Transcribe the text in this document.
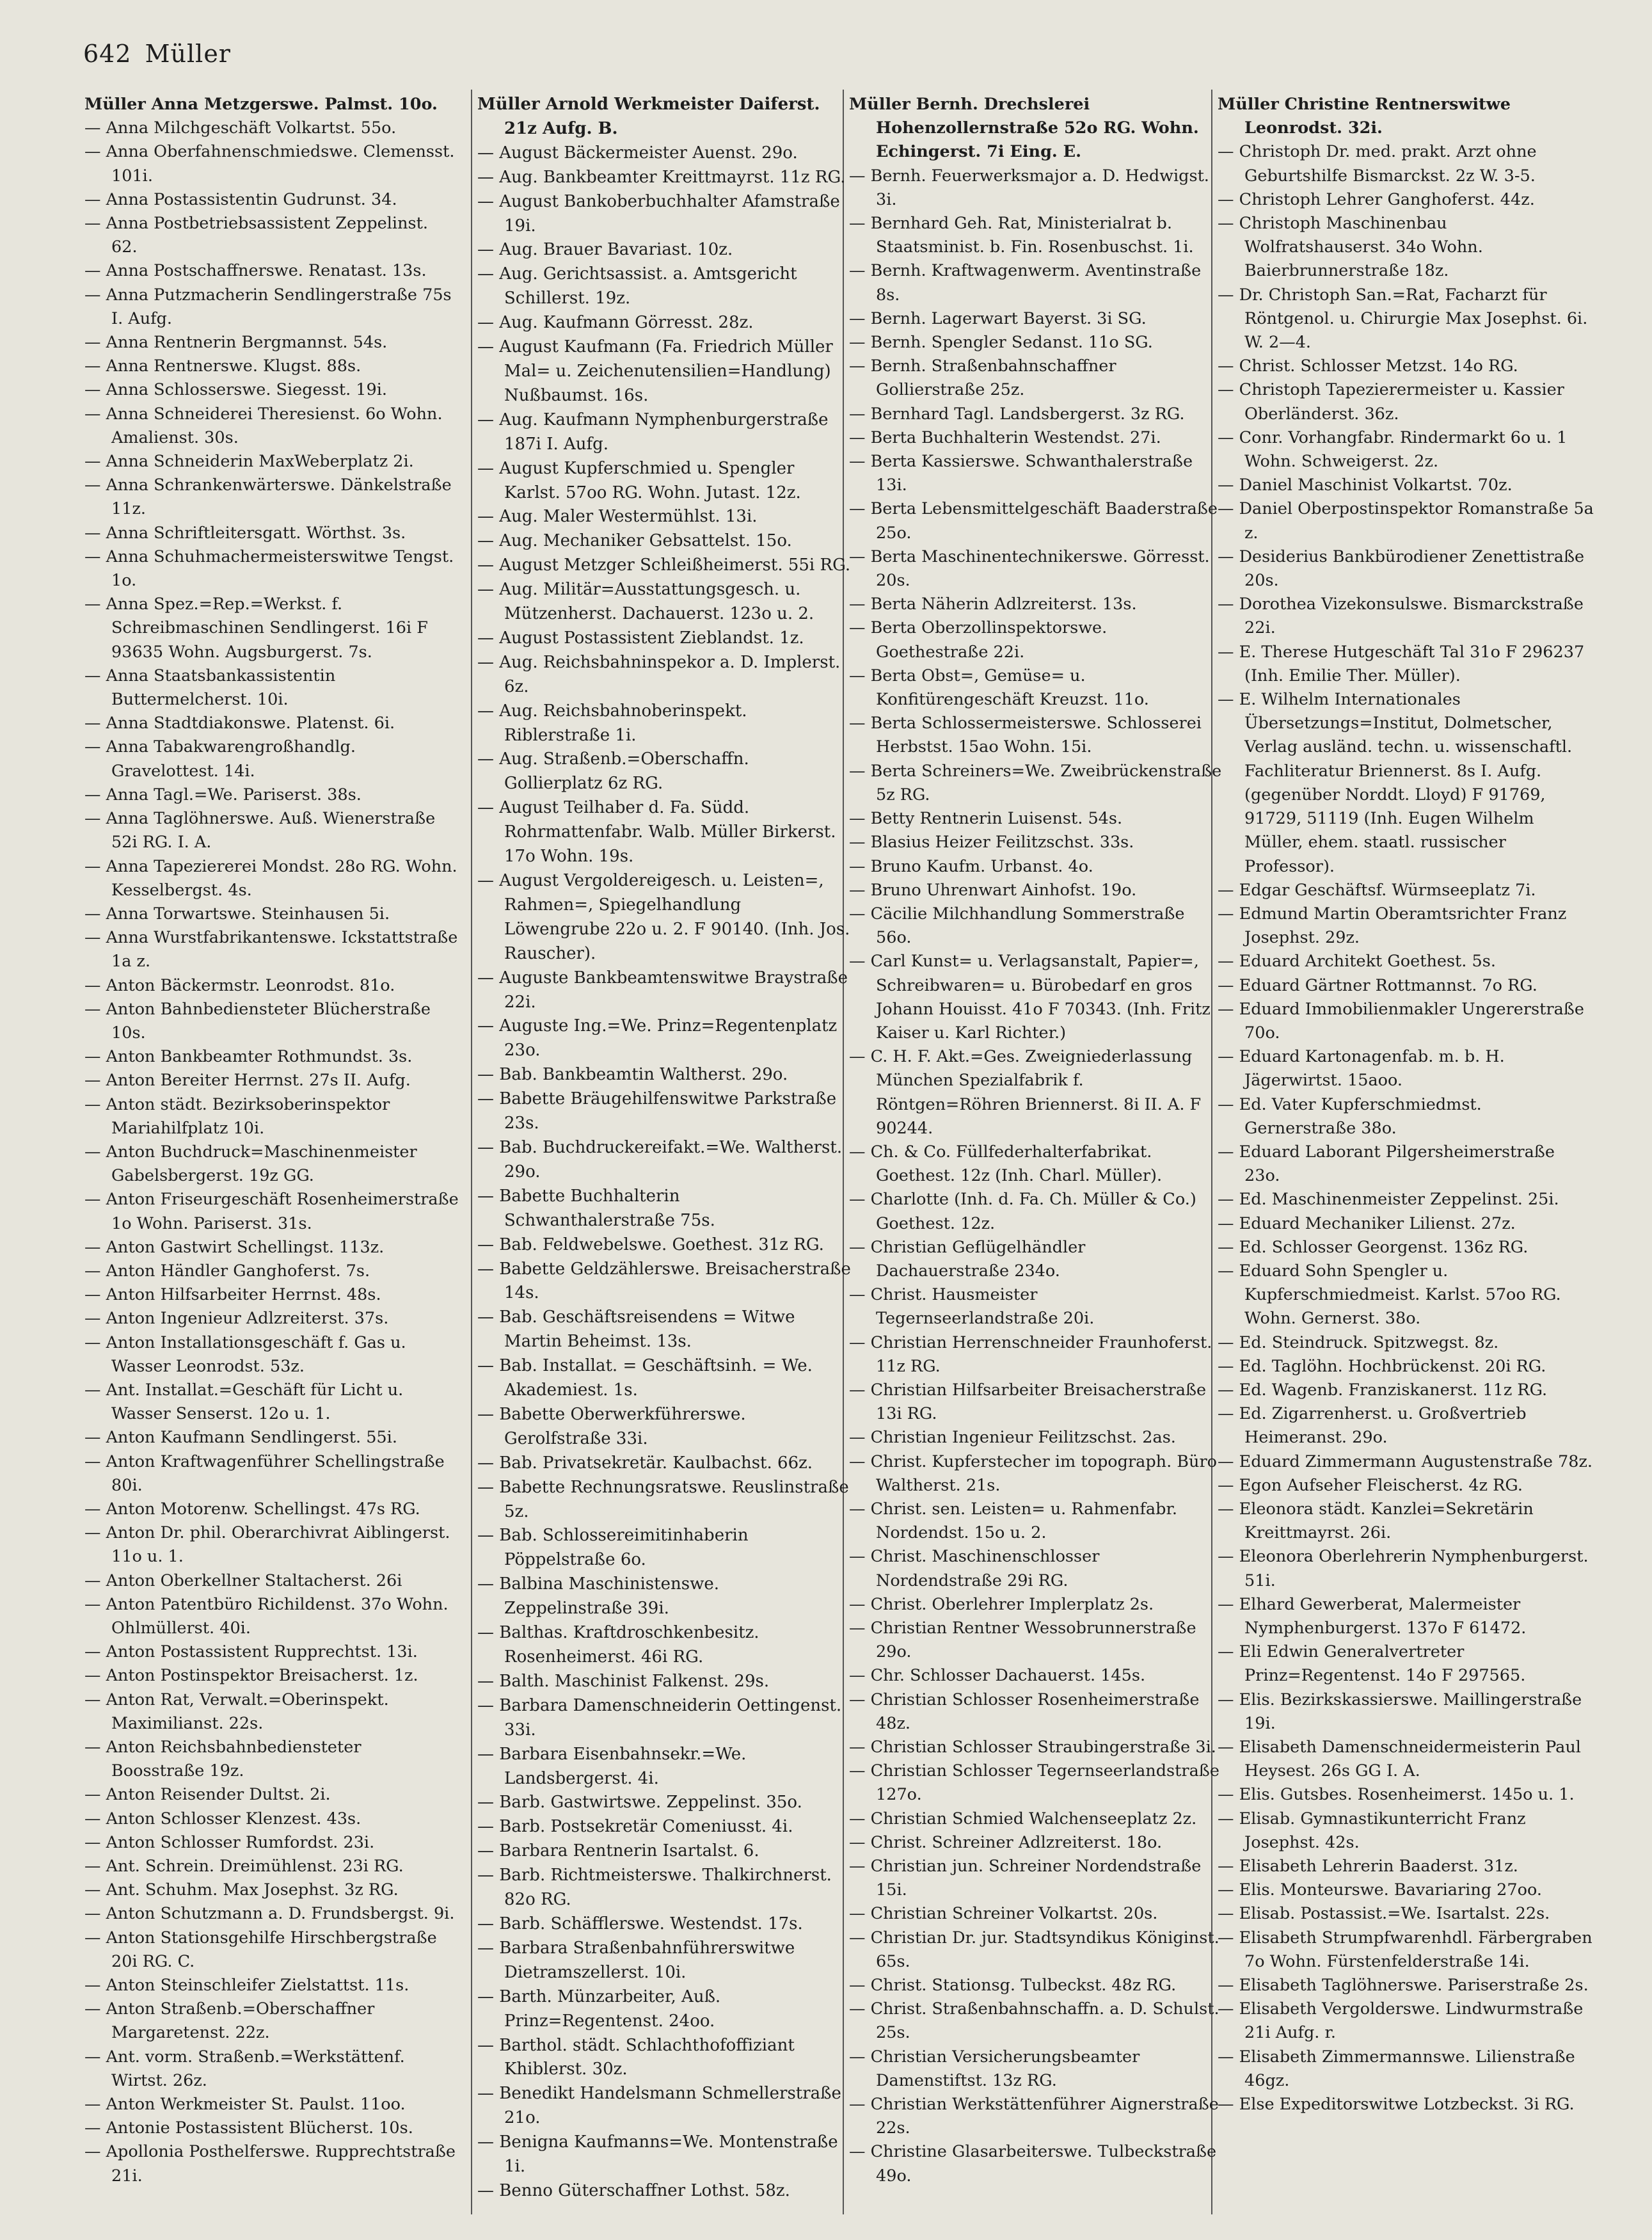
642 Müller
Müller Anna Metzgerswe. Palmst. 10o.
— Anna Milchgeschäft Volkartst. 55o.
— Anna Oberfahnenschmiedswe. Clemensst. 101i.
— Anna Postassistentin Gudrunst. 34.
— Anna Postbetriebsassistent Zeppelinst. 62.
— Anna Postschaffnerswe. Renatast. 13s.
— Anna Putzmacherin Sendlingerstraße 75s I. Aufg.
— Anna Rentnerin Bergmannst. 54s.
— Anna Rentnerswe. Klugst. 88s.
— Anna Schlosserswe. Siegesst. 19i.
— Anna Schneiderei Theresienst. 6o Wohn. Amalienst. 30s.
— Anna Schneiderin MaxWeberplatz 2i.
— Anna Schrankenwärterswe. Dänkelstraße 11z.
— Anna Schriftleitersgatt. Wörthst. 3s.
— Anna Schuhmachermeisterswitwe Tengst. 1o.
— Anna Spez.=Rep.=Werkst. f. Schreibmaschinen Sendlingerst. 16i F 93635 Wohn. Augsburgerst. 7s.
— Anna Staatsbankassistentin Buttermelcherst. 10i.
— Anna Stadtdiakonswe. Platenst. 6i.
— Anna Tabakwarengroßhandlg. Gravelottest. 14i.
— Anna Tagl.=We. Pariserst. 38s.
— Anna Taglöhnerswe. Auß. Wienerstraße 52i RG. I. A.
— Anna Tapeziererei Mondst. 28o RG. Wohn. Kesselbergst. 4s.
— Anna Torwartswe. Steinhausen 5i.
— Anna Wurstfabrikantenswe. Ickstattstraße 1a z.
— Anton Bäckermstr. Leonrodst. 81o.
— Anton Bahnbediensteter Blücherstraße 10s.
— Anton Bankbeamter Rothmundst. 3s.
— Anton Bereiter Herrnst. 27s II. Aufg.
— Anton städt. Bezirksoberinspektor Mariahilfplatz 10i.
— Anton Buchdruck=Maschinenmeister Gabelsbergerst. 19z GG.
— Anton Friseurgeschäft Rosenheimerstraße 1o Wohn. Pariserst. 31s.
— Anton Gastwirt Schellingst. 113z.
— Anton Händler Ganghoferst. 7s.
— Anton Hilfsarbeiter Herrnst. 48s.
— Anton Ingenieur Adlzreiterst. 37s.
— Anton Installationsgeschäft f. Gas u. Wasser Leonrodst. 53z.
— Ant. Installat.=Geschäft für Licht u. Wasser Senserst. 12o u. 1.
— Anton Kaufmann Sendlingerst. 55i.
— Anton Kraftwagenführer Schellingstraße 80i.
— Anton Motorenw. Schellingst. 47s RG.
— Anton Dr. phil. Oberarchivrat Aiblingerst. 11o u. 1.
— Anton Oberkellner Staltacherst. 26i
— Anton Patentbüro Richildenst. 37o Wohn. Ohlmüllerst. 40i.
— Anton Postassistent Rupprechtst. 13i.
— Anton Postinspektor Breisacherst. 1z.
— Anton Rat, Verwalt.=Oberinspekt. Maximilianst. 22s.
— Anton Reichsbahnbediensteter Boosstraße 19z.
— Anton Reisender Dultst. 2i.
— Anton Schlosser Klenzest. 43s.
— Anton Schlosser Rumfordst. 23i.
— Ant. Schrein. Dreimühlenst. 23i RG.
— Ant. Schuhm. Max Josephst. 3z RG.
— Anton Schutzmann a. D. Frundsbergst. 9i.
— Anton Stationsgehilfe Hirschbergstraße 20i RG. C.
— Anton Steinschleifer Zielstattst. 11s.
— Anton Straßenb.=Oberschaffner Margaretenst. 22z.
— Ant. vorm. Straßenb.=Werkstättenf. Wirtst. 26z.
— Anton Werkmeister St. Paulst. 11oo.
— Antonie Postassistent Blücherst. 10s.
— Apollonia Posthelferswe. Rupprechtstraße 21i.
Müller Arnold Werkmeister Daiferst. 21z Aufg. B.
— August Bäckermeister Auenst. 29o.
— Aug. Bankbeamter Kreittmayrst. 11z RG.
— August Bankoberbuchhalter Afamstraße 19i.
— Aug. Brauer Bavariast. 10z.
— Aug. Gerichtsassist. a. Amtsgericht Schillerst. 19z.
— Aug. Kaufmann Görresst. 28z.
— August Kaufmann (Fa. Friedrich Müller Mal= u. Zeichenutensilien=Handlung) Nußbaumst. 16s.
— Aug. Kaufmann Nymphenburgerstraße 187i I. Aufg.
— August Kupferschmied u. Spengler Karlst. 57oo RG. Wohn. Jutast. 12z.
— Aug. Maler Westermühlst. 13i.
— Aug. Mechaniker Gebsattelst. 15o.
— August Metzger Schleißheimerst. 55i RG.
— Aug. Militär=Ausstattungsgesch. u. Mützenherst. Dachauerst. 123o u. 2.
— August Postassistent Zieblandst. 1z.
— Aug. Reichsbahninspekor a. D. Implerst. 6z.
— Aug. Reichsbahnoberinspekt. Riblerstraße 1i.
— Aug. Straßenb.=Oberschaffn. Gollierplatz 6z RG.
— August Teilhaber d. Fa. Südd. Rohrmattenfabr. Walb. Müller Birkerst. 17o Wohn. 19s.
— August Vergoldereigesch. u. Leisten=, Rahmen=, Spiegelhandlung Löwengrube 22o u. 2. F 90140. (Inh. Jos. Rauscher).
— Auguste Bankbeamtenswitwe Braystraße 22i.
— Auguste Ing.=We. Prinz=Regentenplatz 23o.
— Bab. Bankbeamtin Waltherst. 29o.
— Babette Bräugehilfenswitwe Parkstraße 23s.
— Bab. Buchdruckereifakt.=We. Waltherst. 29o.
— Babette Buchhalterin Schwanthalerstraße 75s.
— Bab. Feldwebelswe. Goethest. 31z RG.
— Babette Geldzählerswe. Breisacherstraße 14s.
— Bab. Geschäftsreisendens = Witwe Martin Beheimst. 13s.
— Bab. Installat. = Geschäftsinh. = We. Akademiest. 1s.
— Babette Oberwerkführerswe. Gerolfstraße 33i.
— Bab. Privatsekretär. Kaulbachst. 66z.
— Babette Rechnungsratswe. Reuslinstraße 5z.
— Bab. Schlossereimitinhaberin Pöppelstraße 6o.
— Balbina Maschinistenswe. Zeppelinstraße 39i.
— Balthas. Kraftdroschkenbesitz. Rosenheimerst. 46i RG.
— Balth. Maschinist Falkenst. 29s.
— Barbara Damenschneiderin Oettingenst. 33i.
— Barbara Eisenbahnsekr.=We. Landsbergerst. 4i.
— Barb. Gastwirtswe. Zeppelinst. 35o.
— Barb. Postsekretär Comeniusst. 4i.
— Barbara Rentnerin Isartalst. 6.
— Barb. Richtmeisterswe. Thalkirchnerst. 82o RG.
— Barb. Schäfflerswe. Westendst. 17s.
— Barbara Straßenbahnführerswitwe Dietramszellerst. 10i.
— Barth. Münzarbeiter, Auß. Prinz=Regentenst. 24oo.
— Barthol. städt. Schlachthofoffiziant Khiblerst. 30z.
— Benedikt Handelsmann Schmellerstraße 21o.
— Benigna Kaufmanns=We. Montenstraße 1i.
— Benno Güterschaffner Lothst. 58z.
Müller Bernh. Drechslerei Hohenzollernstraße 52o RG. Wohn. Echingerst. 7i Eing. E.
— Bernh. Feuerwerksmajor a. D. Hedwigst. 3i.
— Bernhard Geh. Rat, Ministerialrat b. Staatsminist. b. Fin. Rosenbuschst. 1i.
— Bernh. Kraftwagenwerm. Aventinstraße 8s.
— Bernh. Lagerwart Bayerst. 3i SG.
— Bernh. Spengler Sedanst. 11o SG.
— Bernh. Straßenbahnschaffner Gollierstraße 25z.
— Bernhard Tagl. Landsbergerst. 3z RG.
— Berta Buchhalterin Westendst. 27i.
— Berta Kassierswe. Schwanthalerstraße 13i.
— Berta Lebensmittelgeschäft Baaderstraße 25o.
— Berta Maschinentechnikerswe. Görresst. 20s.
— Berta Näherin Adlzreiterst. 13s.
— Berta Oberzollinspektorswe. Goethestraße 22i.
— Berta Obst=, Gemüse= u. Konfitürengeschäft Kreuzst. 11o.
— Berta Schlossermeisterswe. Schlosserei Herbstst. 15ao Wohn. 15i.
— Berta Schreiners=We. Zweibrückenstraße 5z RG.
— Betty Rentnerin Luisenst. 54s.
— Blasius Heizer Feilitzschst. 33s.
— Bruno Kaufm. Urbanst. 4o.
— Bruno Uhrenwart Ainhofst. 19o.
— Cäcilie Milchhandlung Sommerstraße 56o.
— Carl Kunst= u. Verlagsanstalt, Papier=, Schreibwaren= u. Bürobedarf en gros Johann Houisst. 41o F 70343. (Inh. Fritz Kaiser u. Karl Richter.)
— C. H. F. Akt.=Ges. Zweigniederlassung München Spezialfabrik f. Röntgen=Röhren Briennerst. 8i II. A. F 90244.
— Ch. & Co. Füllfederhalterfabrikat. Goethest. 12z (Inh. Charl. Müller).
— Charlotte (Inh. d. Fa. Ch. Müller & Co.) Goethest. 12z.
— Christian Geflügelhändler Dachauerstraße 234o.
— Christ. Hausmeister Tegernseerlandstraße 20i.
— Christian Herrenschneider Fraunhoferst. 11z RG.
— Christian Hilfsarbeiter Breisacherstraße 13i RG.
— Christian Ingenieur Feilitzschst. 2as.
— Christ. Kupferstecher im topograph. Büro Waltherst. 21s.
— Christ. sen. Leisten= u. Rahmenfabr. Nordendst. 15o u. 2.
— Christ. Maschinenschlosser Nordendstraße 29i RG.
— Christ. Oberlehrer Implerplatz 2s.
— Christian Rentner Wessobrunnerstraße 29o.
— Chr. Schlosser Dachauerst. 145s.
— Christian Schlosser Rosenheimerstraße 48z.
— Christian Schlosser Straubingerstraße 3i.
— Christian Schlosser Tegernseerlandstraße 127o.
— Christian Schmied Walchenseeplatz 2z.
— Christ. Schreiner Adlzreiterst. 18o.
— Christian jun. Schreiner Nordendstraße 15i.
— Christian Schreiner Volkartst. 20s.
— Christian Dr. jur. Stadtsyndikus Königinst. 65s.
— Christ. Stationsg. Tulbeckst. 48z RG.
— Christ. Straßenbahnschaffn. a. D. Schulst. 25s.
— Christian Versicherungsbeamter Damenstiftst. 13z RG.
— Christian Werkstättenführer Aignerstraße 22s.
— Christine Glasarbeiterswe. Tulbeckstraße 49o.
Müller Christine Rentnerswitwe Leonrodst. 32i.
— Christoph Dr. med. prakt. Arzt ohne Geburtshilfe Bismarckst. 2z W. 3-5.
— Christoph Lehrer Ganghoferst. 44z.
— Christoph Maschinenbau Wolfratshauserst. 34o Wohn. Baierbrunnerstraße 18z.
— Dr. Christoph San.=Rat, Facharzt für Röntgenol. u. Chirurgie Max Josephst. 6i. W. 2—4.
— Christ. Schlosser Metzst. 14o RG.
— Christoph Tapezierermeister u. Kassier Oberländerst. 36z.
— Conr. Vorhangfabr. Rindermarkt 6o u. 1 Wohn. Schweigerst. 2z.
— Daniel Maschinist Volkartst. 70z.
— Daniel Oberpostinspektor Romanstraße 5a z.
— Desiderius Bankbürodiener Zenettistraße 20s.
— Dorothea Vizekonsulswe. Bismarckstraße 22i.
— E. Therese Hutgeschäft Tal 31o F 296237 (Inh. Emilie Ther. Müller).
— E. Wilhelm Internationales Übersetzungs=Institut, Dolmetscher, Verlag ausländ. techn. u. wissenschaftl. Fachliteratur Briennerst. 8s I. Aufg. (gegenüber Norddt. Lloyd) F 91769, 91729, 51119 (Inh. Eugen Wilhelm Müller, ehem. staatl. russischer Professor).
— Edgar Geschäftsf. Würmseeplatz 7i.
— Edmund Martin Oberamtsrichter Franz Josephst. 29z.
— Eduard Architekt Goethest. 5s.
— Eduard Gärtner Rottmannst. 7o RG.
— Eduard Immobilienmakler Ungererstraße 70o.
— Eduard Kartonagenfab. m. b. H. Jägerwirtst. 15aoo.
— Ed. Vater Kupferschmiedmst. Gernerstraße 38o.
— Eduard Laborant Pilgersheimerstraße 23o.
— Ed. Maschinenmeister Zeppelinst. 25i.
— Eduard Mechaniker Lilienst. 27z.
— Ed. Schlosser Georgenst. 136z RG.
— Eduard Sohn Spengler u. Kupferschmiedmeist. Karlst. 57oo RG. Wohn. Gernerst. 38o.
— Ed. Steindruck. Spitzwegst. 8z.
— Ed. Taglöhn. Hochbrückenst. 20i RG.
— Ed. Wagenb. Franziskanerst. 11z RG.
— Ed. Zigarrenherst. u. Großvertrieb Heimeranst. 29o.
— Eduard Zimmermann Augustenstraße 78z.
— Egon Aufseher Fleischerst. 4z RG.
— Eleonora städt. Kanzlei=Sekretärin Kreittmayrst. 26i.
— Eleonora Oberlehrerin Nymphenburgerst. 51i.
— Elhard Gewerberat, Malermeister Nymphenburgerst. 137o F 61472.
— Eli Edwin Generalvertreter Prinz=Regentenst. 14o F 297565.
— Elis. Bezirkskassierswe. Maillingerstraße 19i.
— Elisabeth Damenschneidermeisterin Paul Heysest. 26s GG I. A.
— Elis. Gutsbes. Rosenheimerst. 145o u. 1.
— Elisab. Gymnastikunterricht Franz Josephst. 42s.
— Elisabeth Lehrerin Baaderst. 31z.
— Elis. Monteurswe. Bavariaring 27oo.
— Elisab. Postassist.=We. Isartalst. 22s.
— Elisabeth Strumpfwarenhdl. Färbergraben 7o Wohn. Fürstenfelderstraße 14i.
— Elisabeth Taglöhnerswe. Pariserstraße 2s.
— Elisabeth Vergolderswe. Lindwurmstraße 21i Aufg. r.
— Elisabeth Zimmermannswe. Lilienstraße 46gz.
— Else Expeditorswitwe Lotzbeckst. 3i RG.
